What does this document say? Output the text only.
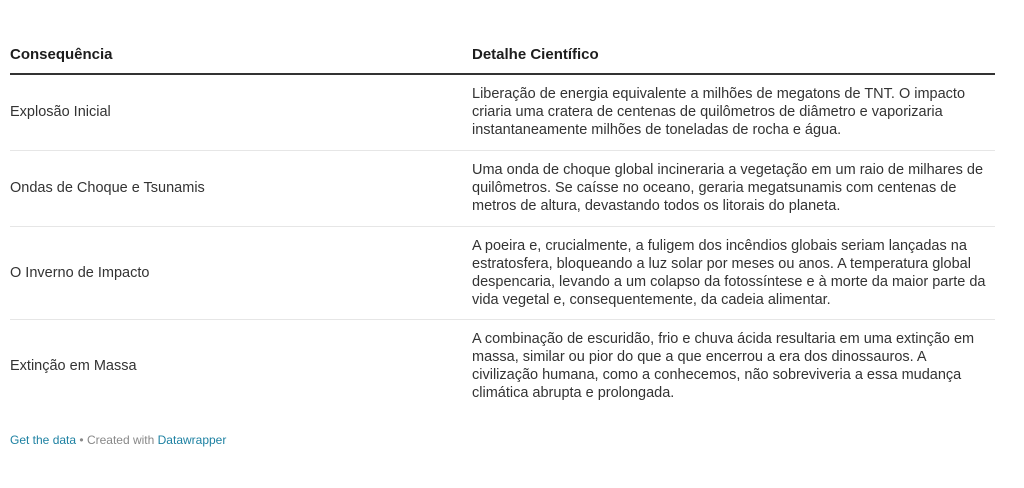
Consequência	Detalhe Científico
Explosão Inicial	Liberação de energia equivalente a milhões de megatons de TNT. O impacto criaria uma cratera de centenas de quilômetros de diâmetro e vaporizaria instantaneamente milhões de toneladas de rocha e água.
Ondas de Choque e Tsunamis	Uma onda de choque global incineraria a vegetação em um raio de milhares de quilômetros. Se caísse no oceano, geraria megatsunamis com centenas de metros de altura, devastando todos os litorais do planeta.
O Inverno de Impacto	A poeira e, crucialmente, a fuligem dos incêndios globais seriam lançadas na estratosfera, bloqueando a luz solar por meses ou anos. A temperatura global despencaria, levando a um colapso da fotossíntese e à morte da maior parte da vida vegetal e, consequentemente, da cadeia alimentar.
Extinção em Massa	A combinação de escuridão, frio e chuva ácida resultaria em uma extinção em massa, similar ou pior do que a que encerrou a era dos dinossauros. A civilização humana, como a conhecemos, não sobreviveria a essa mudança climática abrupta e prolongada.
Get the data • Created with Datawrapper
